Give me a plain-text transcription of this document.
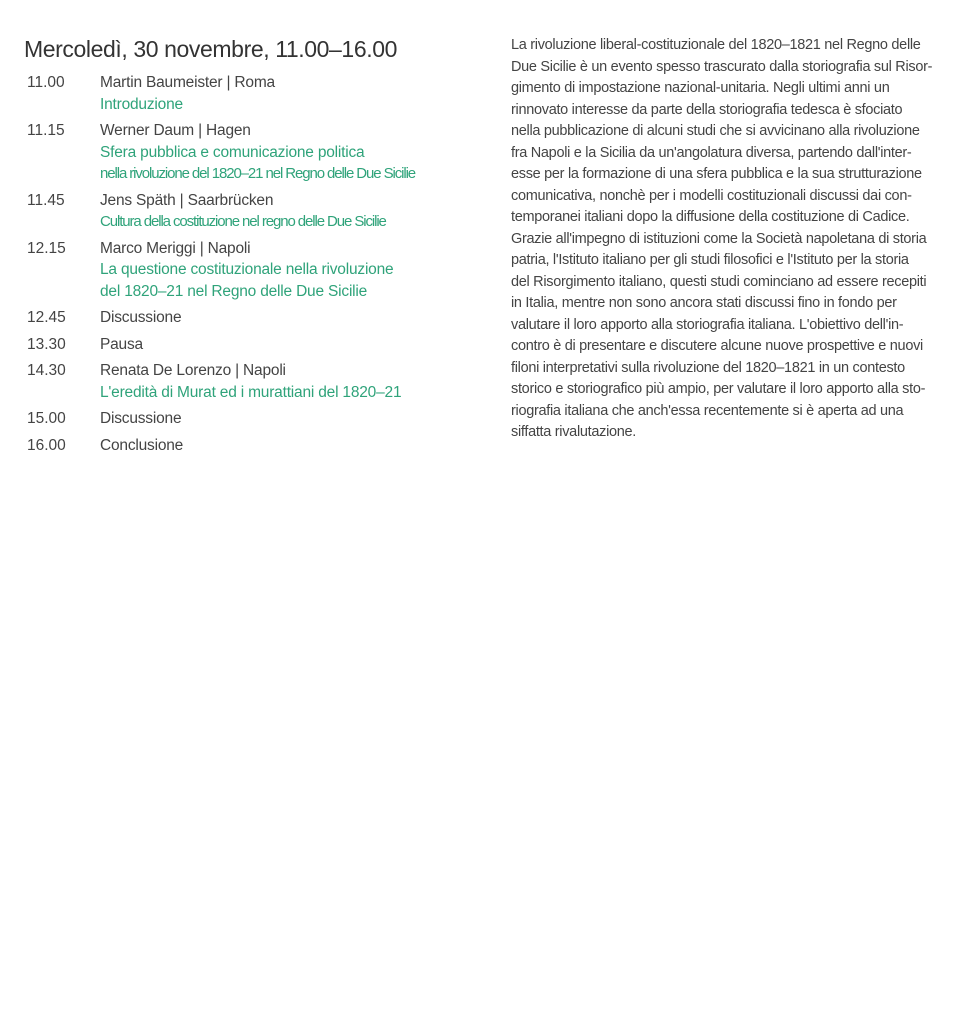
Mercoledì, 30 novembre, 11.00–16.00
11.00	Martin Baumeister | Roma
Introduzione
11.15	Werner Daum | Hagen
Sfera pubblica e comunicazione politica
nella rivoluzione del 1820–21 nel Regno delle Due Sicilie
11.45	Jens Späth | Saarbrücken
Cultura della costituzione nel regno delle Due Sicilie
12.15	Marco Meriggi | Napoli
La questione costituzionale nella rivoluzione
del 1820–21 nel Regno delle Due Sicilie
12.45	Discussione
13.30	Pausa
14.30	Renata De Lorenzo | Napoli
L'eredità di Murat ed i murattiani del 1820–21
15.00	Discussione
16.00	Conclusione
La rivoluzione liberal-costituzionale del 1820–1821 nel Regno delle
Due Sicilie è un evento spesso trascurato dalla storiografia sul Risor-
gimento di impostazione nazional-unitaria. Negli ultimi anni un
rinnovato interesse da parte della storiografia tedesca è sfociato
nella pubblicazione di alcuni studi che si avvicinano alla rivoluzione
fra Napoli e la Sicilia da un'angolatura diversa, partendo dall'inter-
esse per la formazione di una sfera pubblica e la sua strutturazione
comunicativa, nonchè per i modelli costituzionali discussi dai con-
temporanei italiani dopo la diffusione della costituzione di Cadice.
Grazie all'impegno di istituzioni come la Società napoletana di storia
patria, l'Istituto italiano per gli studi filosofici e l'Istituto per la storia
del Risorgimento italiano, questi studi cominciano ad essere recepiti
in Italia, mentre non sono ancora stati discussi fino in fondo per
valutare il loro apporto alla storiografia italiana. L'obiettivo dell'in-
contro è di presentare e discutere alcune nuove prospettive e nuovi
filoni interpretativi sulla rivoluzione del 1820–1821 in un contesto
storico e storiografico più ampio, per valutare il loro apporto alla sto-
riografia italiana che anch'essa recentemente si è aperta ad una
siffatta rivalutazione.
